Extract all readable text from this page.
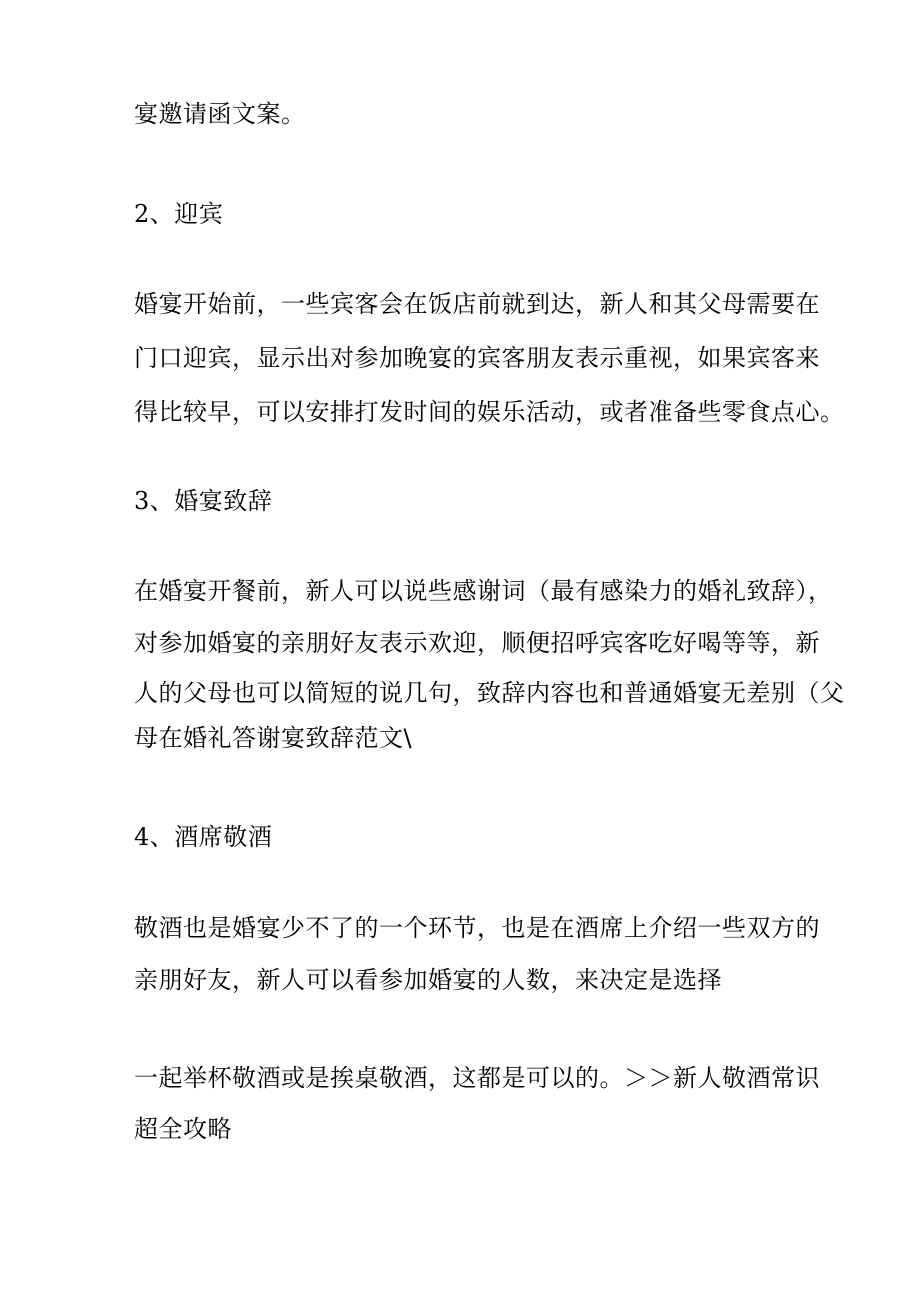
宴邀请函文案。
2、迎宾
婚宴开始前，一些宾客会在饭店前就到达，新人和其父母需要在
门口迎宾，显示出对参加晚宴的宾客朋友表示重视，如果宾客来
得比较早，可以安排打发时间的娱乐活动，或者准备些零食点心。
3、婚宴致辞
在婚宴开餐前，新人可以说些感谢词（最有感染力的婚礼致辞），
对参加婚宴的亲朋好友表示欢迎，顺便招呼宾客吃好喝等等，新
人的父母也可以简短的说几句，致辞内容也和普通婚宴无差别（父
母在婚礼答谢宴致辞范文\
4、酒席敬酒
敬酒也是婚宴少不了的一个环节，也是在酒席上介绍一些双方的
亲朋好友，新人可以看参加婚宴的人数，来决定是选择
一起举杯敬酒或是挨桌敬酒，这都是可以的。＞＞新人敬酒常识
超全攻略
